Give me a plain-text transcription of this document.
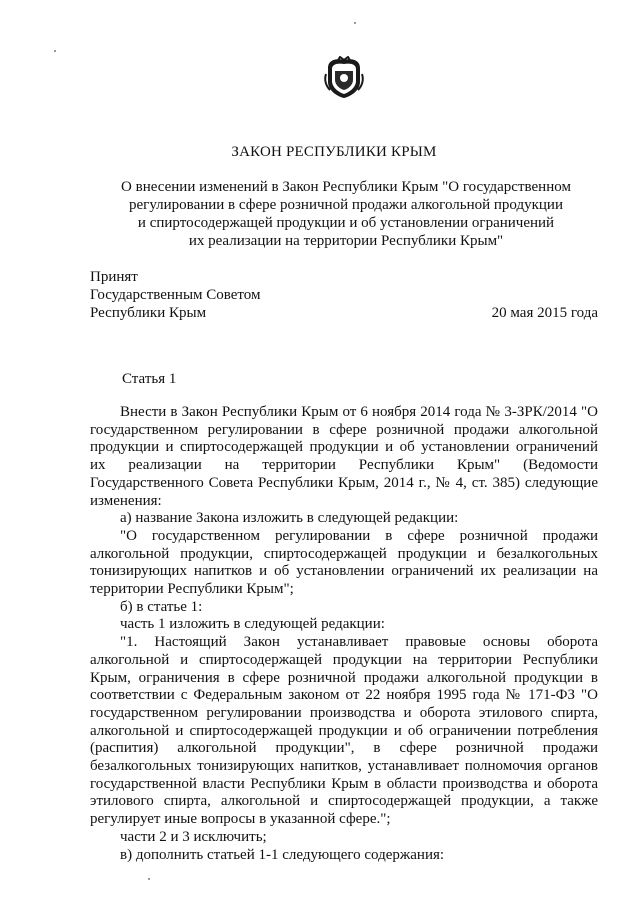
ЗАКОН РЕСПУБЛИКИ КРЫМ
О внесении изменений в Закон Республики Крым "О государственном
регулировании в сфере розничной продажи алкогольной продукции
и спиртосодержащей продукции и об установлении ограничений
их реализации на территории Республики Крым"
Принят
Государственным Советом
Республики Крым	20 мая 2015 года
Статья 1

Внести в Закон Республики Крым от 6 ноября 2014 года № 3-ЗРК/2014 "О государственном регулировании в сфере розничной продажи алкогольной продукции и спиртосодержащей продукции и об установлении ограничений их реализации на территории Республики Крым" (Ведомости Государственного Совета Республики Крым, 2014 г., № 4, ст. 385) следующие изменения:

а) название Закона изложить в следующей редакции:

"О государственном регулировании в сфере розничной продажи алкогольной продукции, спиртосодержащей продукции и безалкогольных тонизирующих напитков и об установлении ограничений их реализации на территории Республики Крым";

б) в статье 1:

часть 1 изложить в следующей редакции:

"1. Настоящий Закон устанавливает правовые основы оборота алкогольной и спиртосодержащей продукции на территории Республики Крым, ограничения в сфере розничной продажи алкогольной продукции в соответствии с Федеральным законом от 22 ноября 1995 года № 171-ФЗ "О государственном регулировании производства и оборота этилового спирта, алкогольной и спиртосодержащей продукции и об ограничении потребления (распития) алкогольной продукции", в сфере розничной продажи безалкогольных тонизирующих напитков, устанавливает полномочия органов государственной власти Республики Крым в области производства и оборота этилового спирта, алкогольной и спиртосодержащей продукции, а также регулирует иные вопросы в указанной сфере.";

части 2 и 3 исключить;

в) дополнить статьей 1-1 следующего содержания:
